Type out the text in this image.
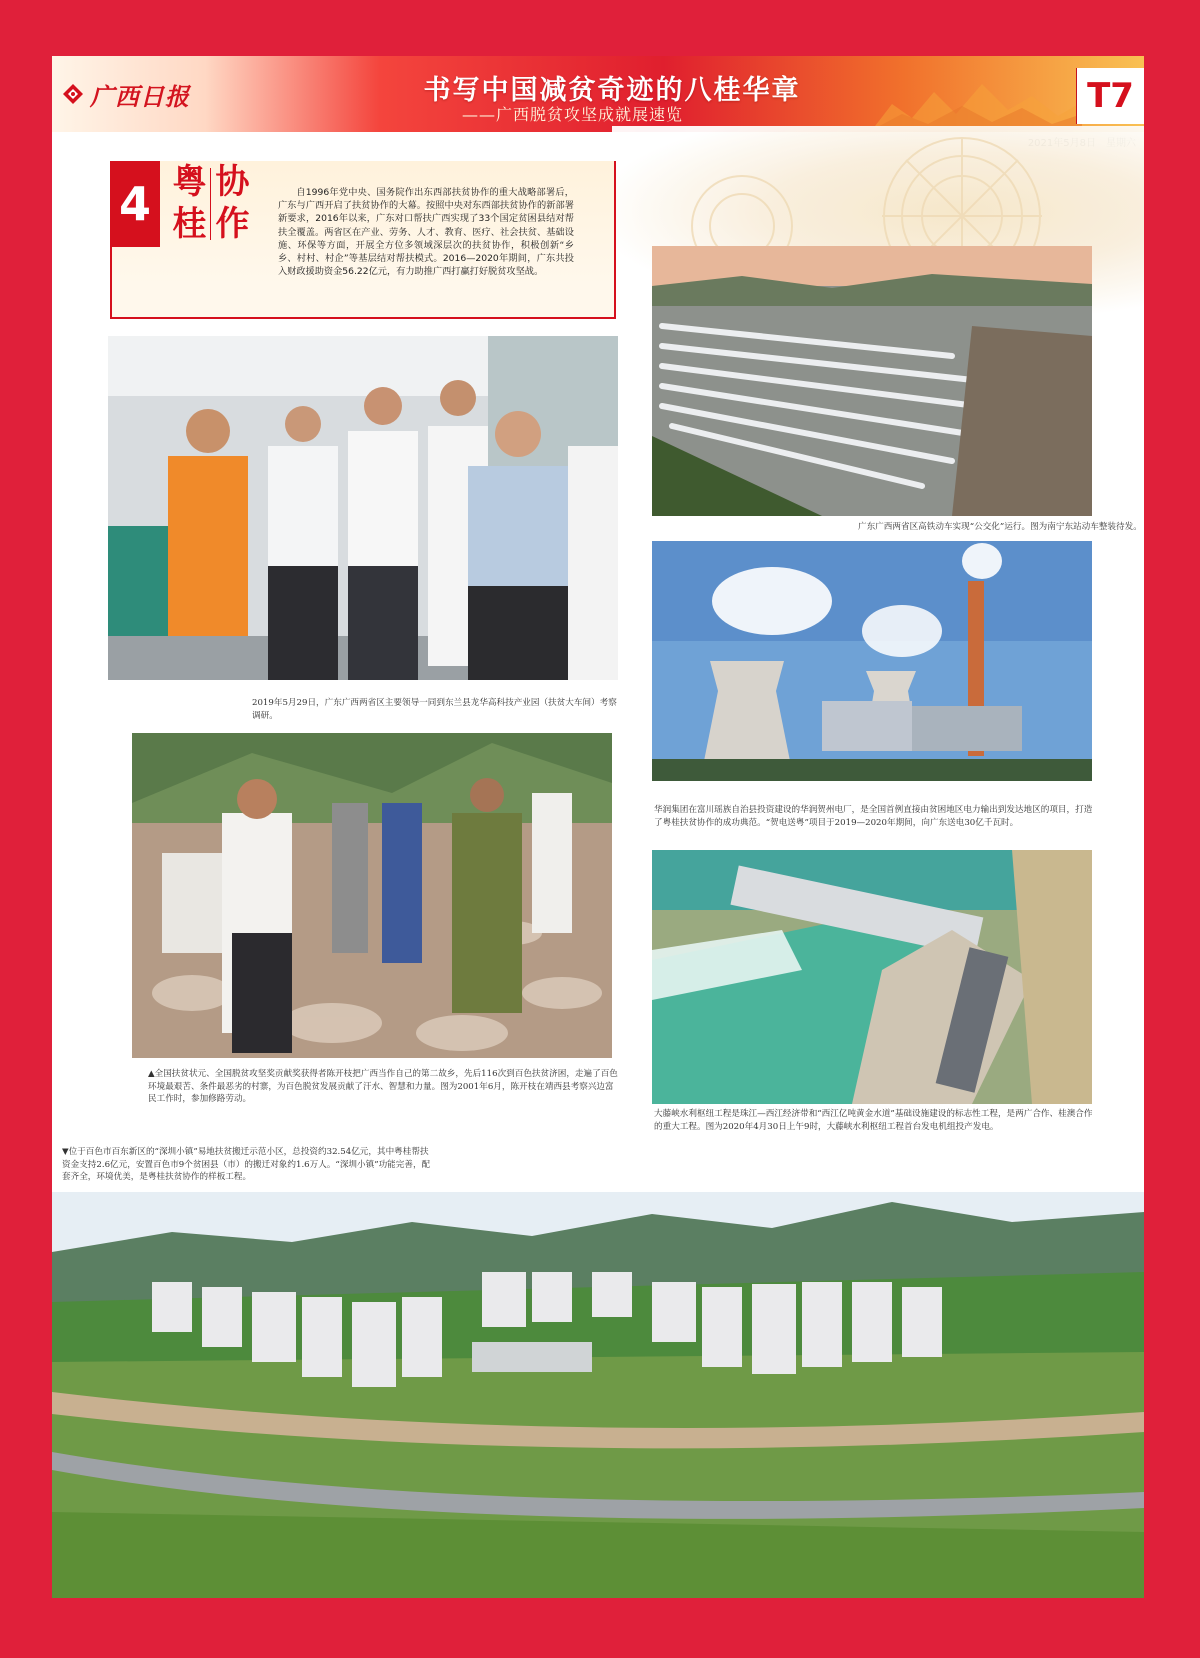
广西日报	书写中国减贫奇迹的八桂华章
——广西脱贫攻坚成就展速览	T7
4 粤 协
桂 作
自1996年党中央、国务院作出东西部扶贫协作的重大战略部署后，广东与广西开启了扶贫协作的大幕。按照中央对东西部扶贫协作的新部署新要求，2016年以来，广东对口帮扶广西实现了33个国定贫困县结对帮扶全覆盖。两省区在产业、劳务、人才、教育、医疗、社会扶贫、基础设施、环保等方面，开展全方位多领域深层次的扶贫协作，积极创新“乡乡、村村、村企”等基层结对帮扶模式。2016—2020年期间，广东共投入财政援助资金56.22亿元，有力助推广西打赢打好脱贫攻坚战。
2019年5月29日，广东广西两省区主要领导一同到东兰县龙华高科技产业园（扶贫大车间）考察调研。
▲全国扶贫状元、全国脱贫攻坚奖贡献奖获得者陈开枝把广西当作自己的第二故乡，先后116次到百色扶贫济困，走遍了百色环境最艰苦、条件最恶劣的村寨，为百色脱贫发展贡献了汗水、智慧和力量。图为2001年6月，陈开枝在靖西县考察兴边富民工作时，参加修路劳动。
▼位于百色市百东新区的“深圳小镇”易地扶贫搬迁示范小区，总投资约32.54亿元，其中粤桂帮扶资金支持2.6亿元，安置百色市9个贫困县（市）的搬迁对象约1.6万人。“深圳小镇”功能完善，配套齐全，环境优美，是粤桂扶贫协作的样板工程。
广东广西两省区高铁动车实现“公交化”运行。图为南宁东站动车整装待发。
华润集团在富川瑶族自治县投资建设的华润贺州电厂，是全国首例直接由贫困地区电力输出到发达地区的项目，打造了粤桂扶贫协作的成功典范。“贺电送粤”项目于2019—2020年期间，向广东送电30亿千瓦时。
大藤峡水利枢纽工程是珠江—西江经济带和“西江亿吨黄金水道”基础设施建设的标志性工程，是两广合作、桂澳合作的重大工程。图为2020年4月30日上午9时，大藤峡水利枢纽工程首台发电机组投产发电。
